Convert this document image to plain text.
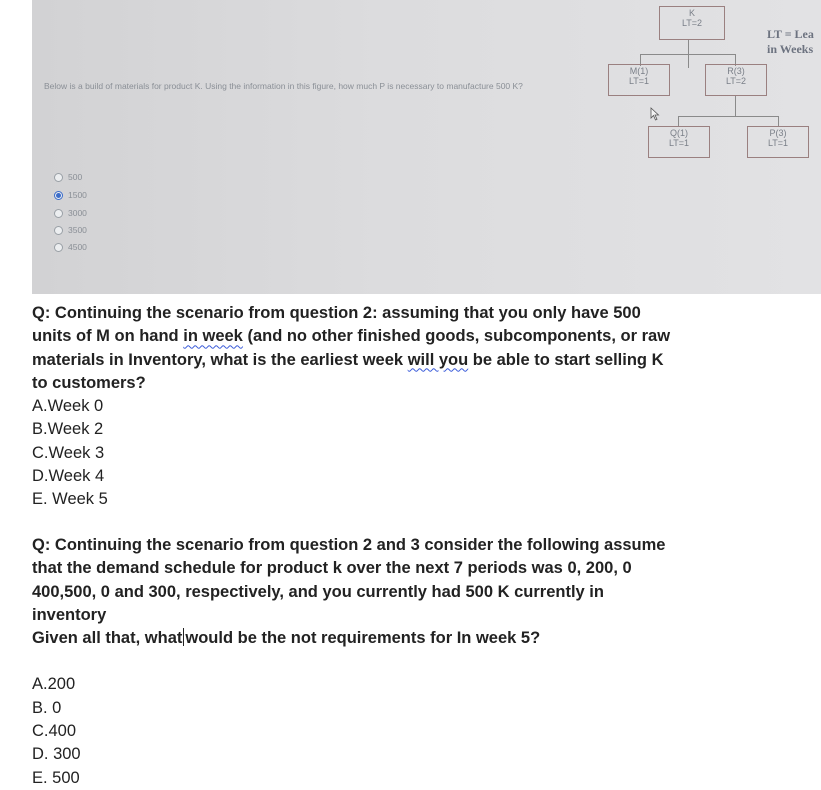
Below is a build of materials for product K. Using the information in this figure, how much P is necessary to manufacture 500 K?
500
1500
3000
3500
4500
K
LT=2
M(1)
LT=1
R(3)
LT=2
Q(1)
LT=1
P(3)
LT=1
LT = Lea
in Weeks
Q: Continuing the scenario from question 2: assuming that you only have 500
units of M on hand in week (and no other finished goods, subcomponents, or raw
materials in Inventory, what is the earliest week will you be able to start selling K
to customers?
A.Week 0
B.Week 2
C.Week 3
D.Week 4
E. Week 5
Q: Continuing the scenario from question 2 and 3 consider the following assume
that the demand schedule for product k over the next 7 periods was 0, 200, 0
400,500, 0 and 300, respectively, and you currently had 500 K currently in
inventory
Given all that, what would be the not requirements for In week 5?
A.200
B. 0
C.400
D. 300
E. 500
